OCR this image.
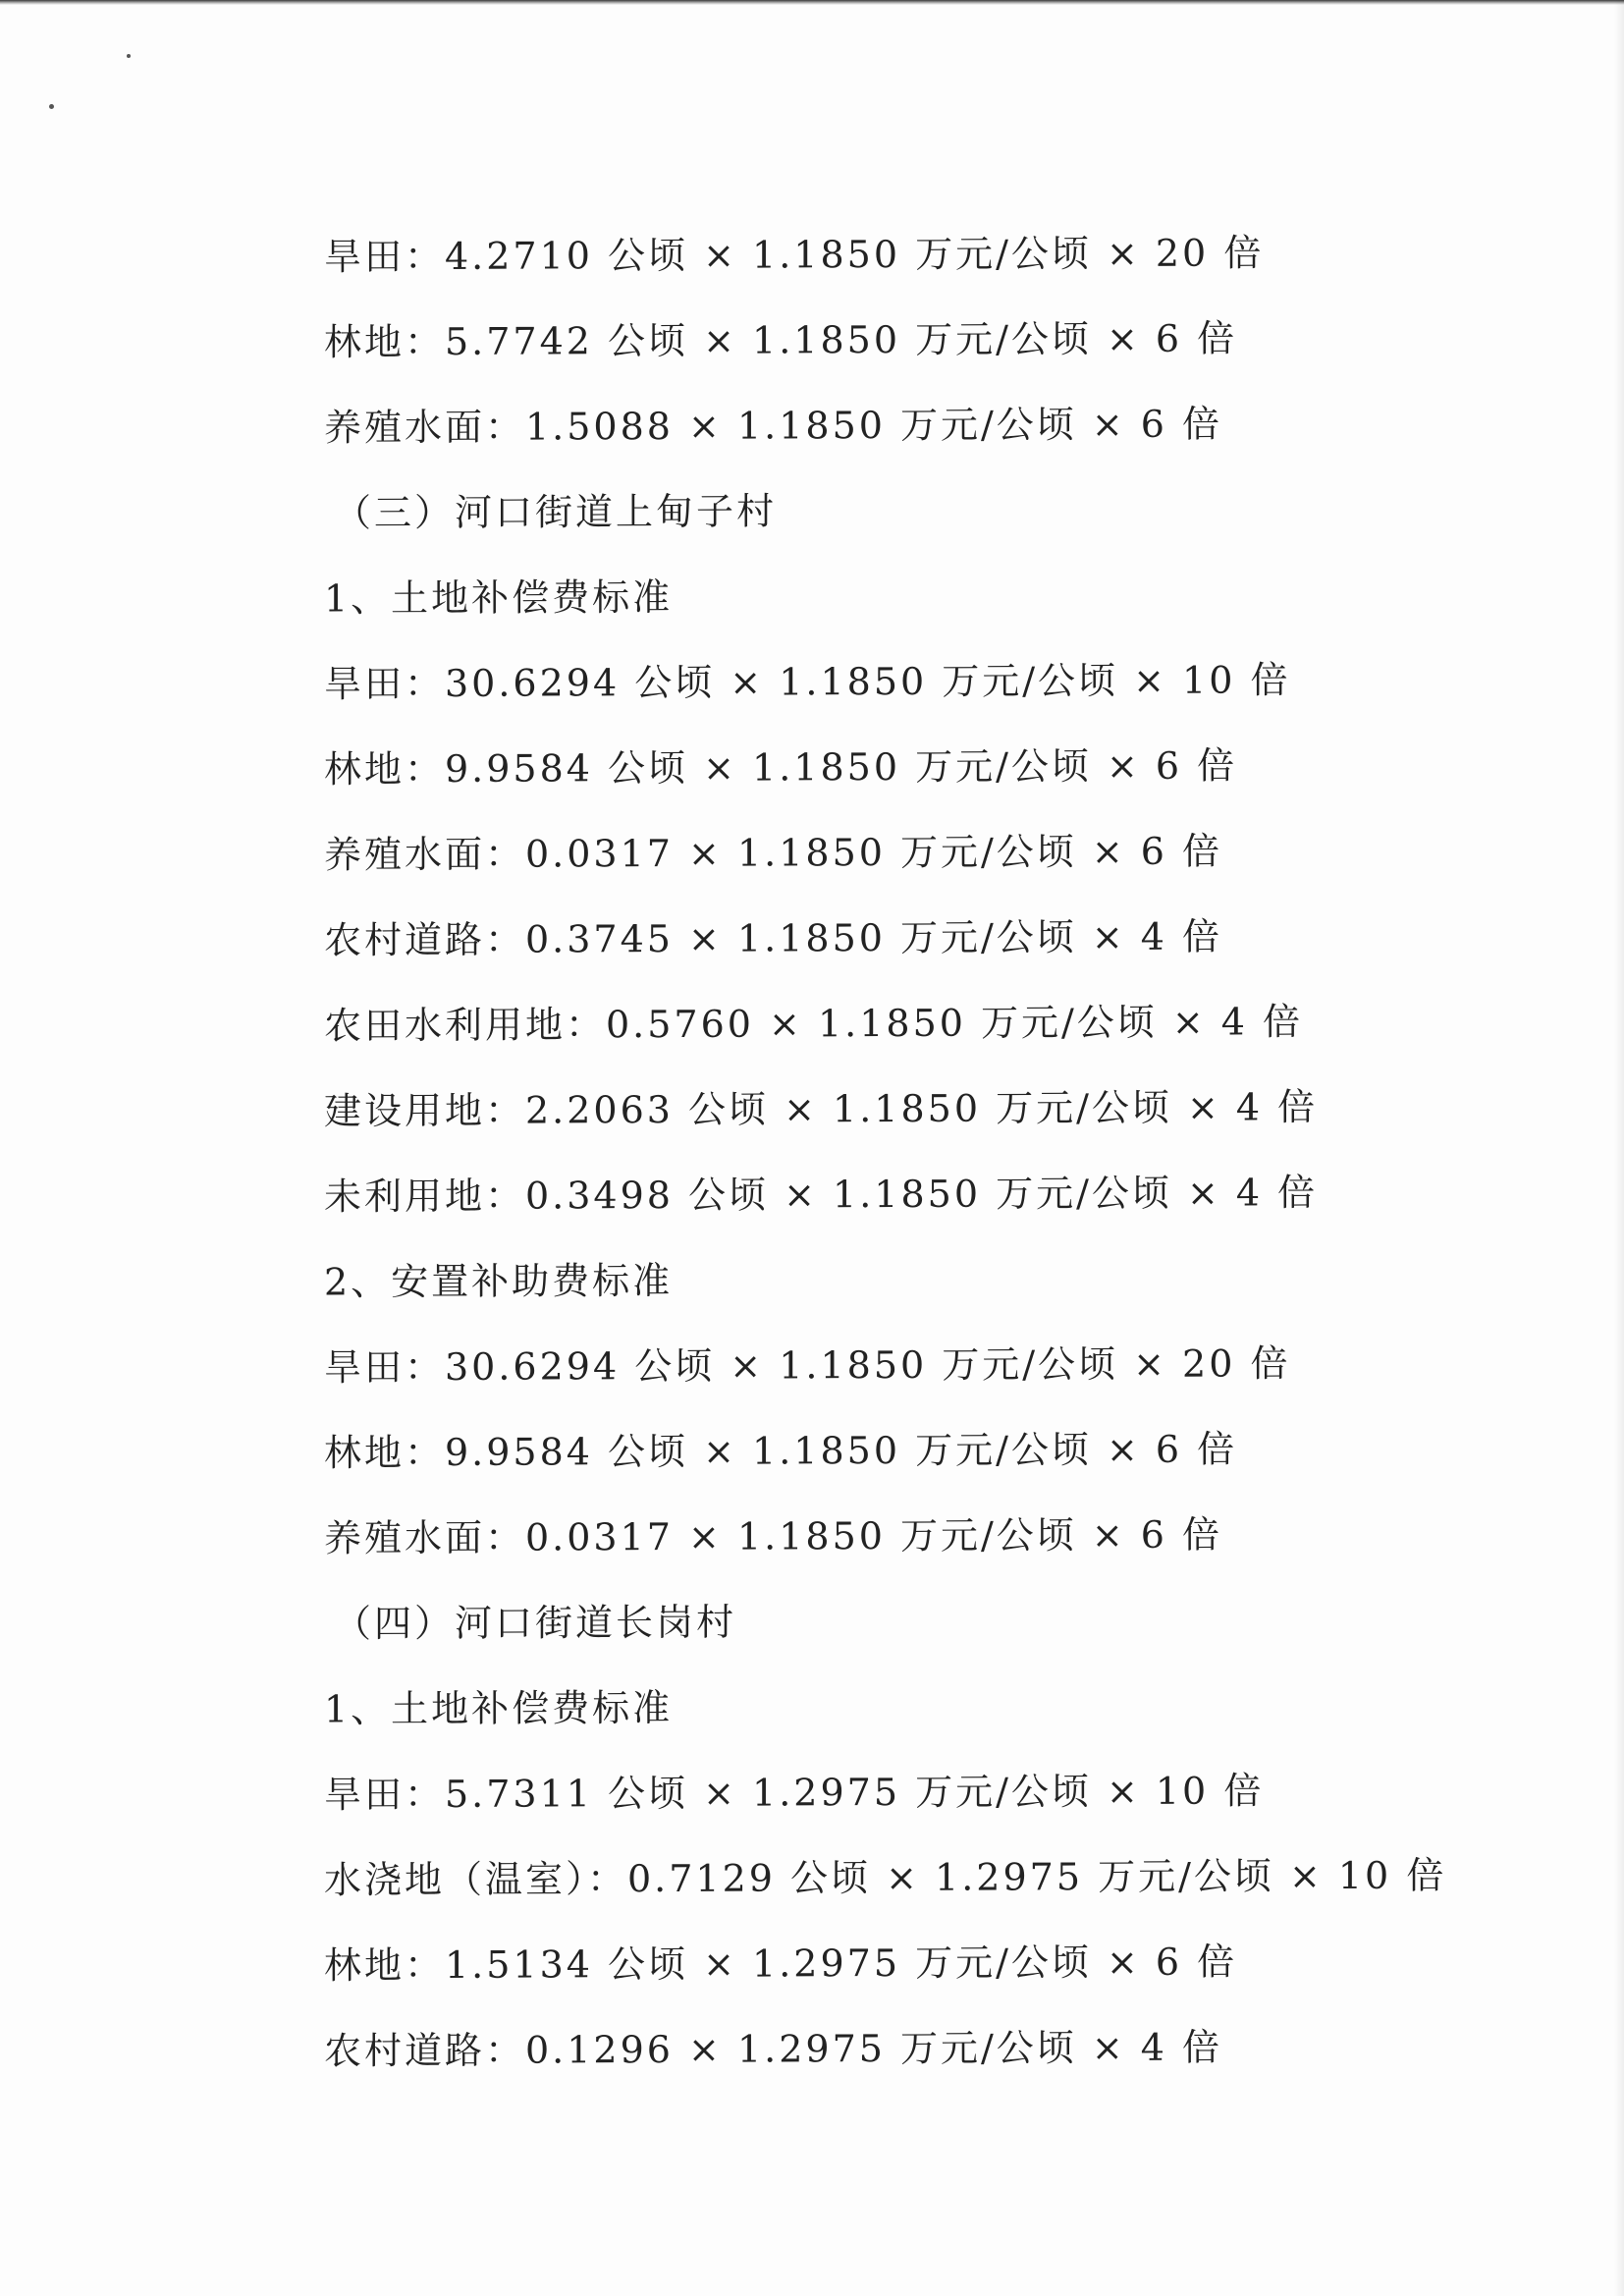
旱田：4.2710 公顷 × 1.1850 万元/公顷 × 20 倍
林地：5.7742 公顷 × 1.1850 万元/公顷 × 6 倍
养殖水面：1.5088 × 1.1850 万元/公顷 × 6 倍
（三）河口街道上甸子村
1、土地补偿费标准
旱田：30.6294 公顷 × 1.1850 万元/公顷 × 10 倍
林地：9.9584 公顷 × 1.1850 万元/公顷 × 6 倍
养殖水面：0.0317 × 1.1850 万元/公顷 × 6 倍
农村道路：0.3745 × 1.1850 万元/公顷 × 4 倍
农田水利用地：0.5760 × 1.1850 万元/公顷 × 4 倍
建设用地：2.2063 公顷 × 1.1850 万元/公顷 × 4 倍
未利用地：0.3498 公顷 × 1.1850 万元/公顷 × 4 倍
2、安置补助费标准
旱田：30.6294 公顷 × 1.1850 万元/公顷 × 20 倍
林地：9.9584 公顷 × 1.1850 万元/公顷 × 6 倍
养殖水面：0.0317 × 1.1850 万元/公顷 × 6 倍
（四）河口街道长岗村
1、土地补偿费标准
旱田：5.7311 公顷 × 1.2975 万元/公顷 × 10 倍
水浇地（温室）：0.7129 公顷 × 1.2975 万元/公顷 × 10 倍
林地：1.5134 公顷 × 1.2975 万元/公顷 × 6 倍
农村道路：0.1296 × 1.2975 万元/公顷 × 4 倍
